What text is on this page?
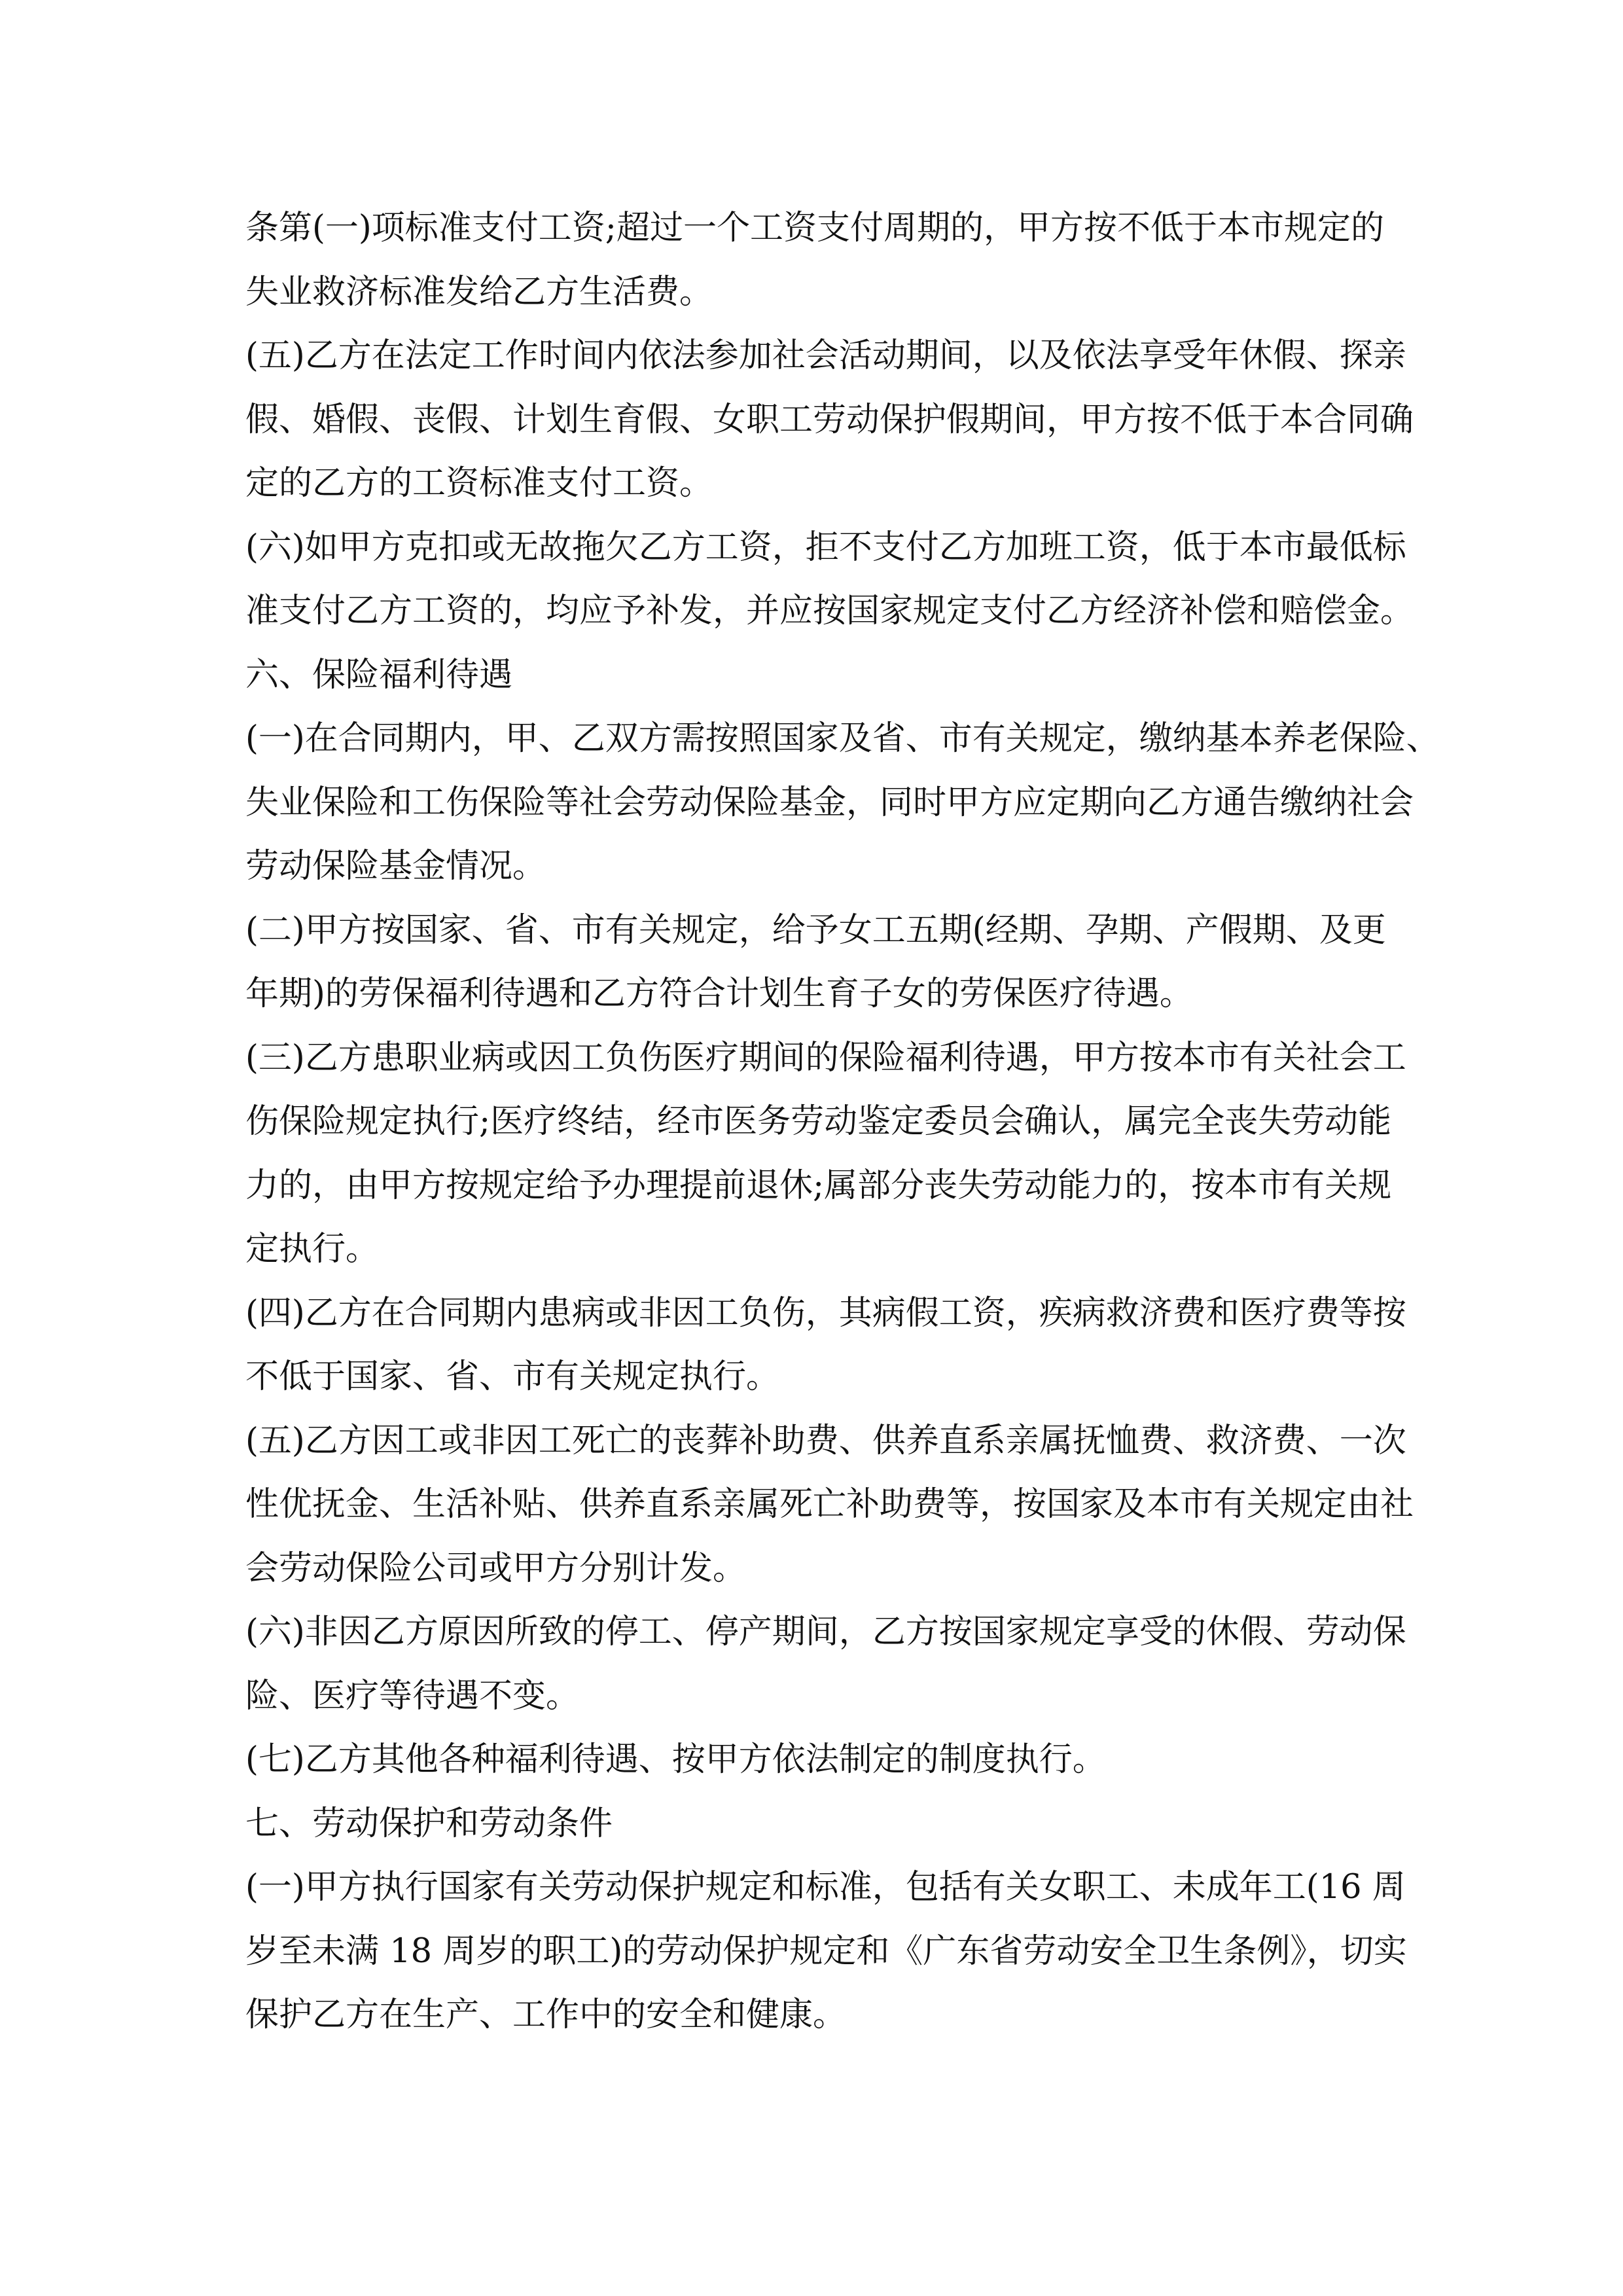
条第(一)项标准支付工资;超过一个工资支付周期的，甲方按不低于本市规定的
失业救济标准发给乙方生活费。
(五)乙方在法定工作时间内依法参加社会活动期间，以及依法享受年休假、探亲
假、婚假、丧假、计划生育假、女职工劳动保护假期间，甲方按不低于本合同确
定的乙方的工资标准支付工资。
(六)如甲方克扣或无故拖欠乙方工资，拒不支付乙方加班工资，低于本市最低标
准支付乙方工资的，均应予补发，并应按国家规定支付乙方经济补偿和赔偿金。
六、保险福利待遇
(一)在合同期内，甲、乙双方需按照国家及省、市有关规定，缴纳基本养老保险、
失业保险和工伤保险等社会劳动保险基金，同时甲方应定期向乙方通告缴纳社会
劳动保险基金情况。
(二)甲方按国家、省、市有关规定，给予女工五期(经期、孕期、产假期、及更
年期)的劳保福利待遇和乙方符合计划生育子女的劳保医疗待遇。
(三)乙方患职业病或因工负伤医疗期间的保险福利待遇，甲方按本市有关社会工
伤保险规定执行;医疗终结，经市医务劳动鉴定委员会确认，属完全丧失劳动能
力的，由甲方按规定给予办理提前退休;属部分丧失劳动能力的，按本市有关规
定执行。
(四)乙方在合同期内患病或非因工负伤，其病假工资，疾病救济费和医疗费等按
不低于国家、省、市有关规定执行。
(五)乙方因工或非因工死亡的丧葬补助费、供养直系亲属抚恤费、救济费、一次
性优抚金、生活补贴、供养直系亲属死亡补助费等，按国家及本市有关规定由社
会劳动保险公司或甲方分别计发。
(六)非因乙方原因所致的停工、停产期间，乙方按国家规定享受的休假、劳动保
险、医疗等待遇不变。
(七)乙方其他各种福利待遇、按甲方依法制定的制度执行。
七、劳动保护和劳动条件
(一)甲方执行国家有关劳动保护规定和标准，包括有关女职工、未成年工(16 周
岁至未满 18 周岁的职工)的劳动保护规定和《广东省劳动安全卫生条例》，切实
保护乙方在生产、工作中的安全和健康。
